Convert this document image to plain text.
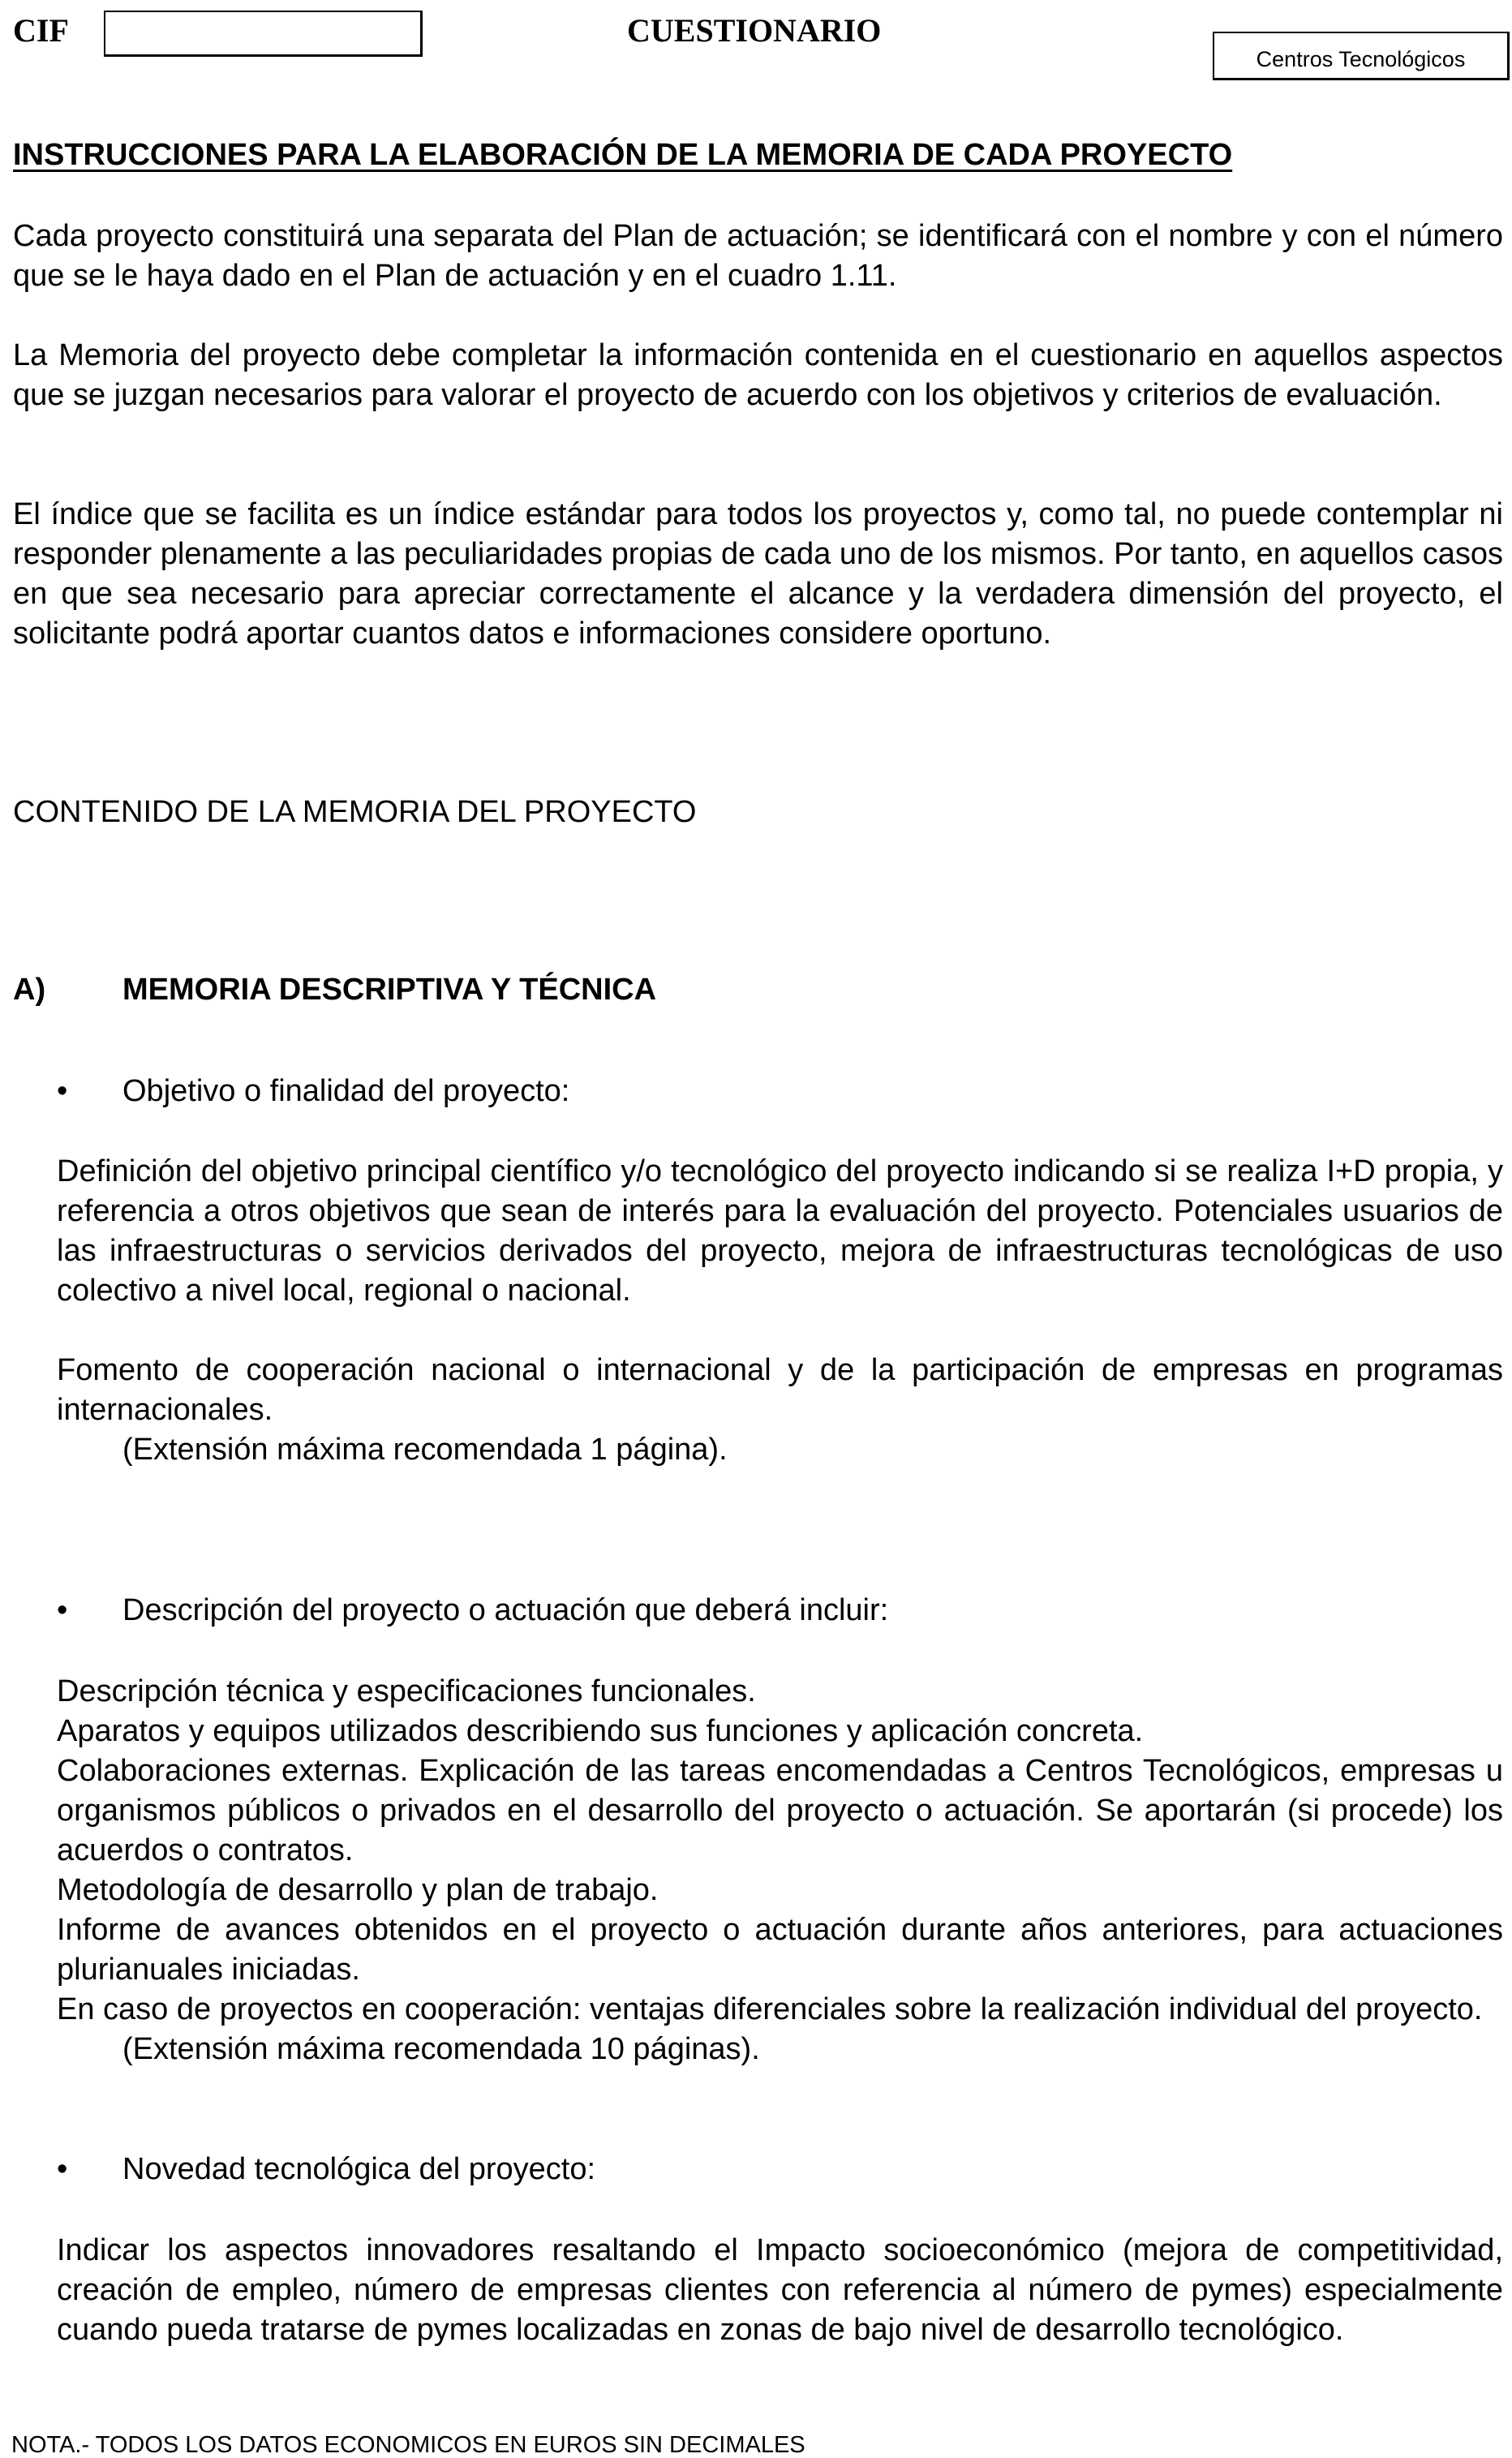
CIF	CUESTIONARIO
Centros Tecnológicos
INSTRUCCIONES PARA LA ELABORACIÓN DE LA MEMORIA DE CADA PROYECTO
Cada proyecto constituirá una separata del Plan de actuación; se identificará con el nombre y con el número que se le haya dado en el Plan de actuación y en el cuadro 1.11.
La Memoria del proyecto debe completar la información contenida en el cuestionario en aquellos aspectos que se juzgan necesarios para valorar el proyecto de acuerdo con los objetivos y criterios de evaluación.
El índice que se facilita es un índice estándar para todos los proyectos y, como tal, no puede contemplar ni responder plenamente a las peculiaridades propias de cada uno de los mismos. Por tanto, en aquellos casos en que sea necesario para apreciar correctamente el alcance y la verdadera dimensión del proyecto, el solicitante podrá aportar cuantos datos e informaciones considere oportuno.
CONTENIDO DE LA MEMORIA DEL PROYECTO
A) MEMORIA DESCRIPTIVA Y TÉCNICA
• Objetivo o finalidad del proyecto:
Definición del objetivo principal científico y/o tecnológico del proyecto indicando si se realiza I+D propia, y referencia a otros objetivos que sean de interés para la evaluación del proyecto. Potenciales usuarios de las infraestructuras o servicios derivados del proyecto, mejora de infraestructuras tecnológicas de uso colectivo a nivel local, regional o nacional.
Fomento de cooperación nacional o internacional y de la participación de empresas en programas internacionales.
(Extensión máxima recomendada 1 página).
• Descripción del proyecto o actuación que deberá incluir:
Descripción técnica y especificaciones funcionales.
Aparatos y equipos utilizados describiendo sus funciones y aplicación concreta.
Colaboraciones externas. Explicación de las tareas encomendadas a Centros Tecnológicos, empresas u organismos públicos o privados en el desarrollo del proyecto o actuación. Se aportarán (si procede) los acuerdos o contratos.
Metodología de desarrollo y plan de trabajo.
Informe de avances obtenidos en el proyecto o actuación durante años anteriores, para actuaciones plurianuales iniciadas.
En caso de proyectos en cooperación: ventajas diferenciales sobre la realización individual del proyecto.
(Extensión máxima recomendada 10 páginas).
• Novedad tecnológica del proyecto:
Indicar los aspectos innovadores resaltando el Impacto socioeconómico (mejora de competitividad, creación de empleo, número de empresas clientes con referencia al número de pymes) especialmente cuando pueda tratarse de pymes localizadas en zonas de bajo nivel de desarrollo tecnológico.
NOTA.- TODOS LOS DATOS ECONOMICOS EN EUROS SIN DECIMALES
